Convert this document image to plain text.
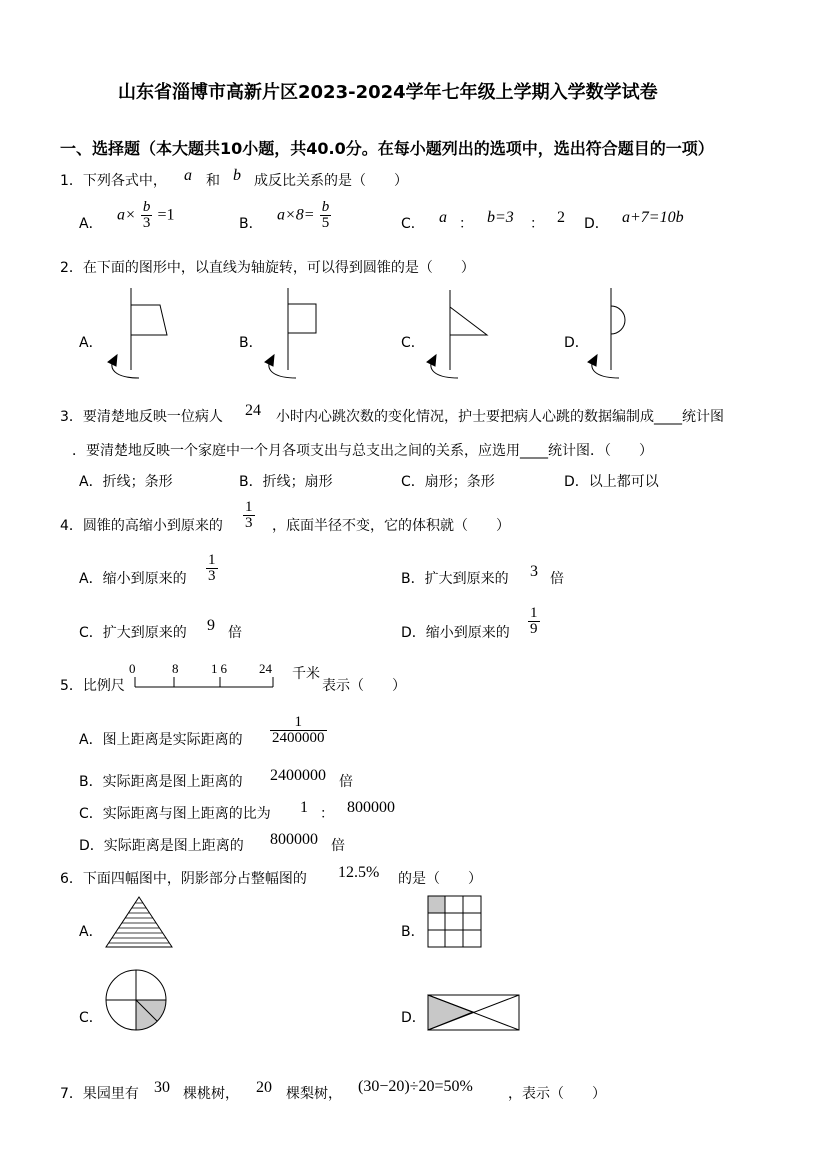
山东省淄博市高新片区2023-2024学年七年级上学期入学数学试卷
一、选择题（本大题共10小题，共40.0分。在每小题列出的选项中，选出符合题目的一项）
1．下列各式中， a 和 b 成反比关系的是（　　）
A．
$a\times \frac{b}{3} =1$
B．
$a\times 8= \frac{b}{5}$	C． a ： b=3 ： 2 D． a+7=10b
2．在下面的图形中，以直线为轴旋转，可以得到圆锥的是（　　）
A．	B．	C．	D．
3．要清楚地反映一位病人 24 小时内心跳次数的变化情况，护士要把病人心跳的数据编制成____统计图
．要清楚地反映一个家庭中一个月各项支出与总支出之间的关系，应选用____统计图．（　　）
A．折线；条形	B．折线；扇形	C．扇形；条形	D．以上都可以
4．圆锥的高缩小到原来的 $\frac{1}{3}$ ，底面半径不变，它的体积就（　　）
A．缩小到原来的 $\frac{1}{3}$	B．扩大到原来的 3 倍
C．扩大到原来的 9 倍	D．缩小到原来的 $\frac{1}{9}$
5．比例尺
0	8	16 24 千米
表示（　　）
A．图上距离是实际距离的 $\frac{1}{2400000}$
B．实际距离是图上距离的 2400000 倍
C．实际距离与图上距离的比为 1 ： 800000
D．实际距离是图上距离的 800000 倍
6．下面四幅图中，阴影部分占整幅图的 12.5% 的是（　　）
A．	B．
C．	D．
7．果园里有 30 棵桃树， 20 棵梨树， (30−20)÷20=50%	，表示（　　）
